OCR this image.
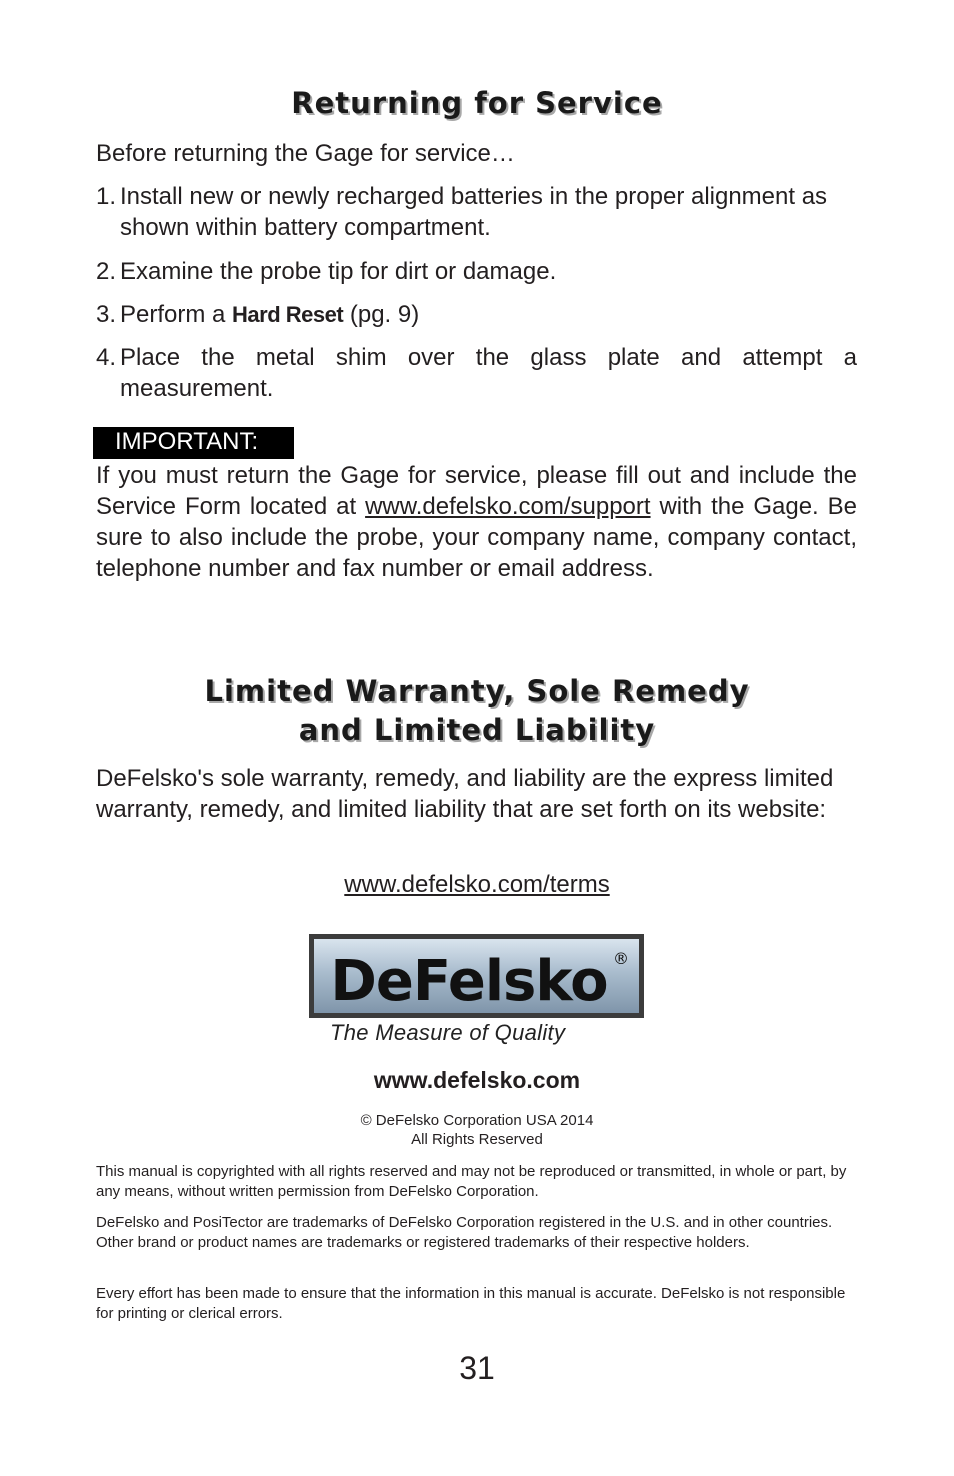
Returning for Service

Before returning the Gage for service…

1. Install new or newly recharged batteries in the proper alignment as shown within battery compartment.
2. Examine the probe tip for dirt or damage.
3. Perform a Hard Reset (pg. 9)
4. Place the metal shim over the glass plate and attempt a measurement.
IMPORTANT:

If you must return the Gage for service, please fill out and include the Service Form located at www.defelsko.com/support with the Gage. Be sure to also include the probe, your company name, company contact, telephone number and fax number or email address.

Limited Warranty, Sole Remedy
and Limited Liability

DeFelsko's sole warranty, remedy, and liability are the express limited warranty, remedy, and limited liability that are set forth on its website:

www.defelsko.com/terms
DeFelsko ®
The Measure of Quality
www.defelsko.com
© DeFelsko Corporation USA 2014
All Rights Reserved

This manual is copyrighted with all rights reserved and may not be reproduced or transmitted, in whole or part, by any means, without written permission from DeFelsko Corporation.

DeFelsko and PosiTector are trademarks of DeFelsko Corporation registered in the U.S. and in other countries. Other brand or product names are trademarks or registered trademarks of their respective holders.

Every effort has been made to ensure that the information in this manual is accurate. DeFelsko is not responsible for printing or clerical errors.

31
